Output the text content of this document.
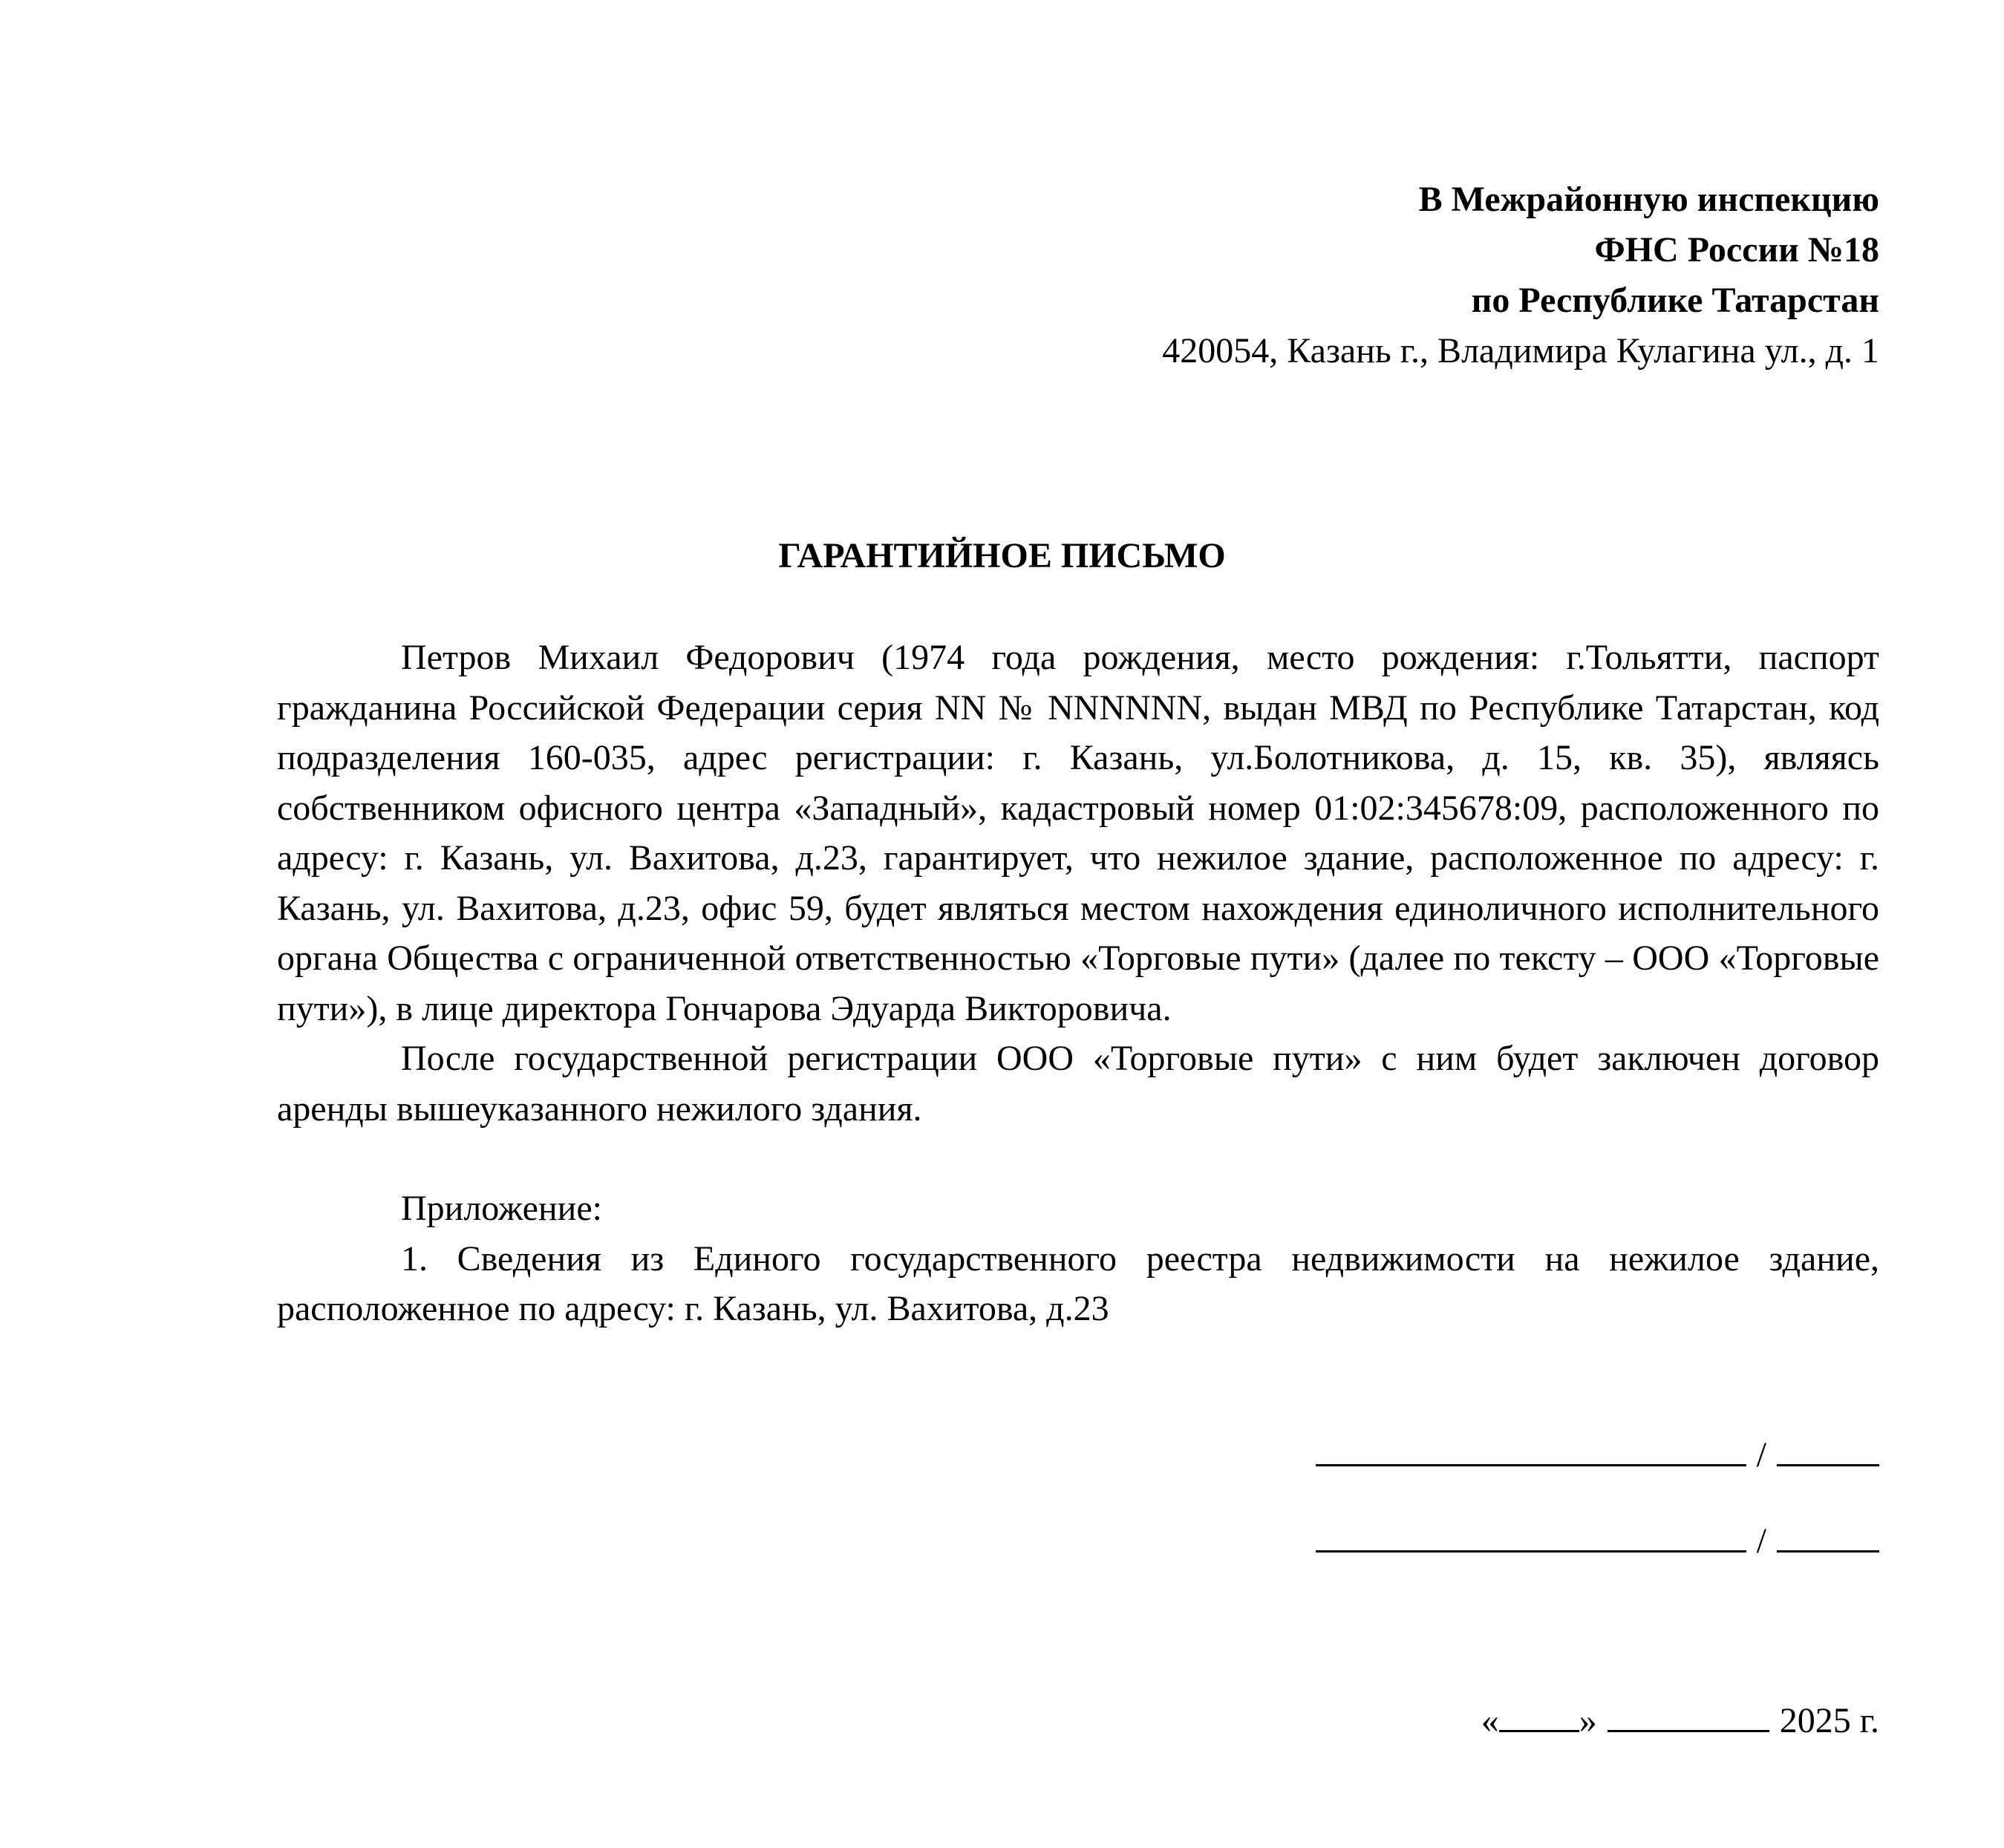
В Межрайонную инспекцию
ФНС России №18
по Республике Татарстан
420054, Казань г., Владимира Кулагина ул., д. 1
ГАРАНТИЙНОЕ ПИСЬМО

Петров Михаил Федорович (1974 года рождения, место рождения: г.Тольятти, паспорт гражданина Российской Федерации серия NN № NNNNNN, выдан МВД по Республике Татарстан, код подразделения 160-035, адрес регистрации: г. Казань, ул.Болотникова, д. 15, кв. 35), являясь собственником офисного центра «Западный», кадастровый номер 01:02:345678:09, расположенного по адресу: г. Казань, ул. Вахитова, д.23, гарантирует, что нежилое здание, расположенное по адресу: г. Казань, ул. Вахитова, д.23, офис 59, будет являться местом нахождения единоличного исполнительного органа Общества с ограниченной ответственностью «Торговые пути» (далее по тексту – ООО «Торговые пути»), в лице директора Гончарова Эдуарда Викторовича.

После государственной регистрации ООО «Торговые пути» с ним будет заключен договор аренды вышеуказанного нежилого здания.

Приложение:

1. Сведения из Единого государственного реестра недвижимости на нежилое здание, расположенное по адресу: г. Казань, ул. Вахитова, д.23

/
/
« »	2025 г.
